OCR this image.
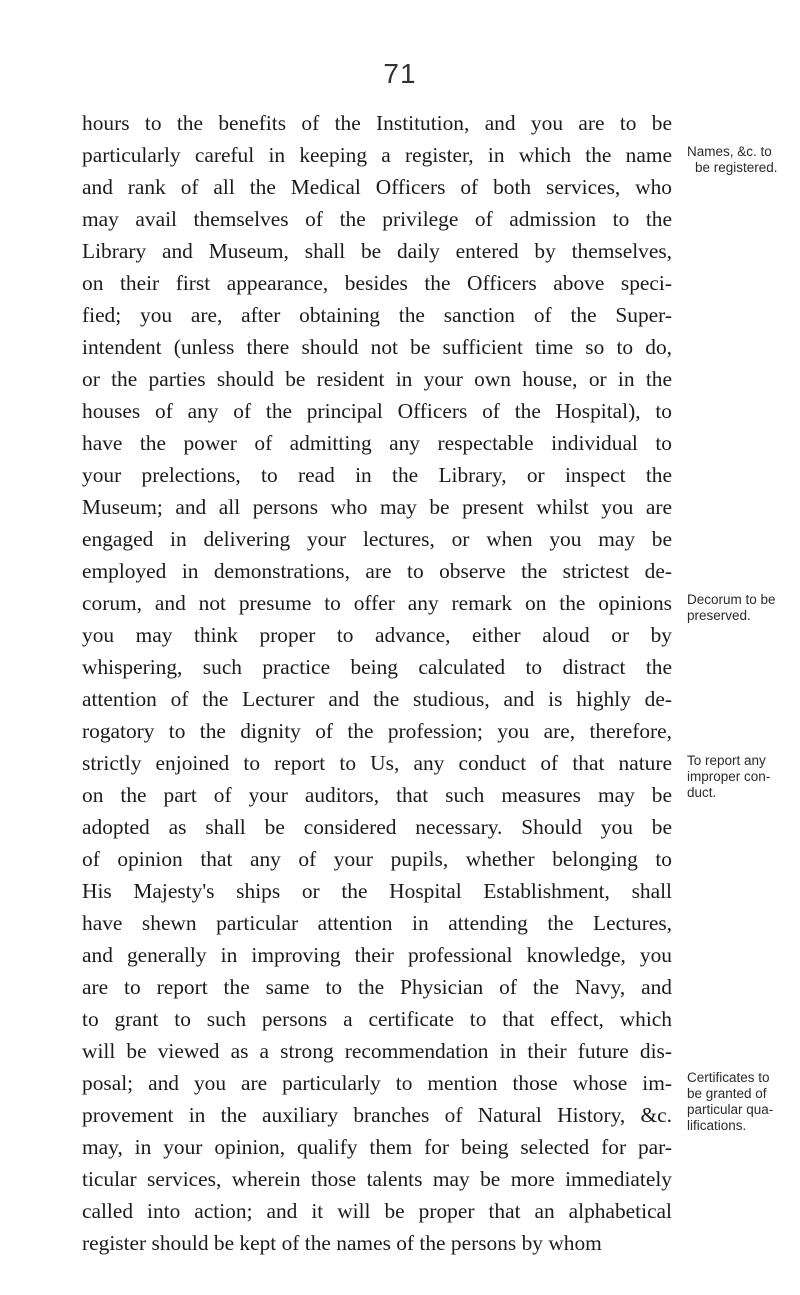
71
hours to the benefits of the Institution, and you are to be
particularly careful in keeping a register, in which the name
and rank of all the Medical Officers of both services, who
may avail themselves of the privilege of admission to the
Library and Museum, shall be daily entered by themselves,
on their first appearance, besides the Officers above speci-
fied; you are, after obtaining the sanction of the Super-
intendent (unless there should not be sufficient time so to do,
or the parties should be resident in your own house, or in the
houses of any of the principal Officers of the Hospital), to
have the power of admitting any respectable individual to
your prelections, to read in the Library, or inspect the
Museum; and all persons who may be present whilst you are
engaged in delivering your lectures, or when you may be
employed in demonstrations, are to observe the strictest de-
corum, and not presume to offer any remark on the opinions
you may think proper to advance, either aloud or by
whispering, such practice being calculated to distract the
attention of the Lecturer and the studious, and is highly de-
rogatory to the dignity of the profession; you are, therefore,
strictly enjoined to report to Us, any conduct of that nature
on the part of your auditors, that such measures may be
adopted as shall be considered necessary. Should you be
of opinion that any of your pupils, whether belonging to
His Majesty's ships or the Hospital Establishment, shall
have shewn particular attention in attending the Lectures,
and generally in improving their professional knowledge, you
are to report the same to the Physician of the Navy, and
to grant to such persons a certificate to that effect, which
will be viewed as a strong recommendation in their future dis-
posal; and you are particularly to mention those whose im-
provement in the auxiliary branches of Natural History, &c.
may, in your opinion, qualify them for being selected for par-
ticular services, wherein those talents may be more immediately
called into action; and it will be proper that an alphabetical
register should be kept of the names of the persons by whom
Names, &c. to
be registered.
Decorum to be
preserved.
To report any
improper con-
duct.
Certificates to
be granted of
particular qua-
lifications.
